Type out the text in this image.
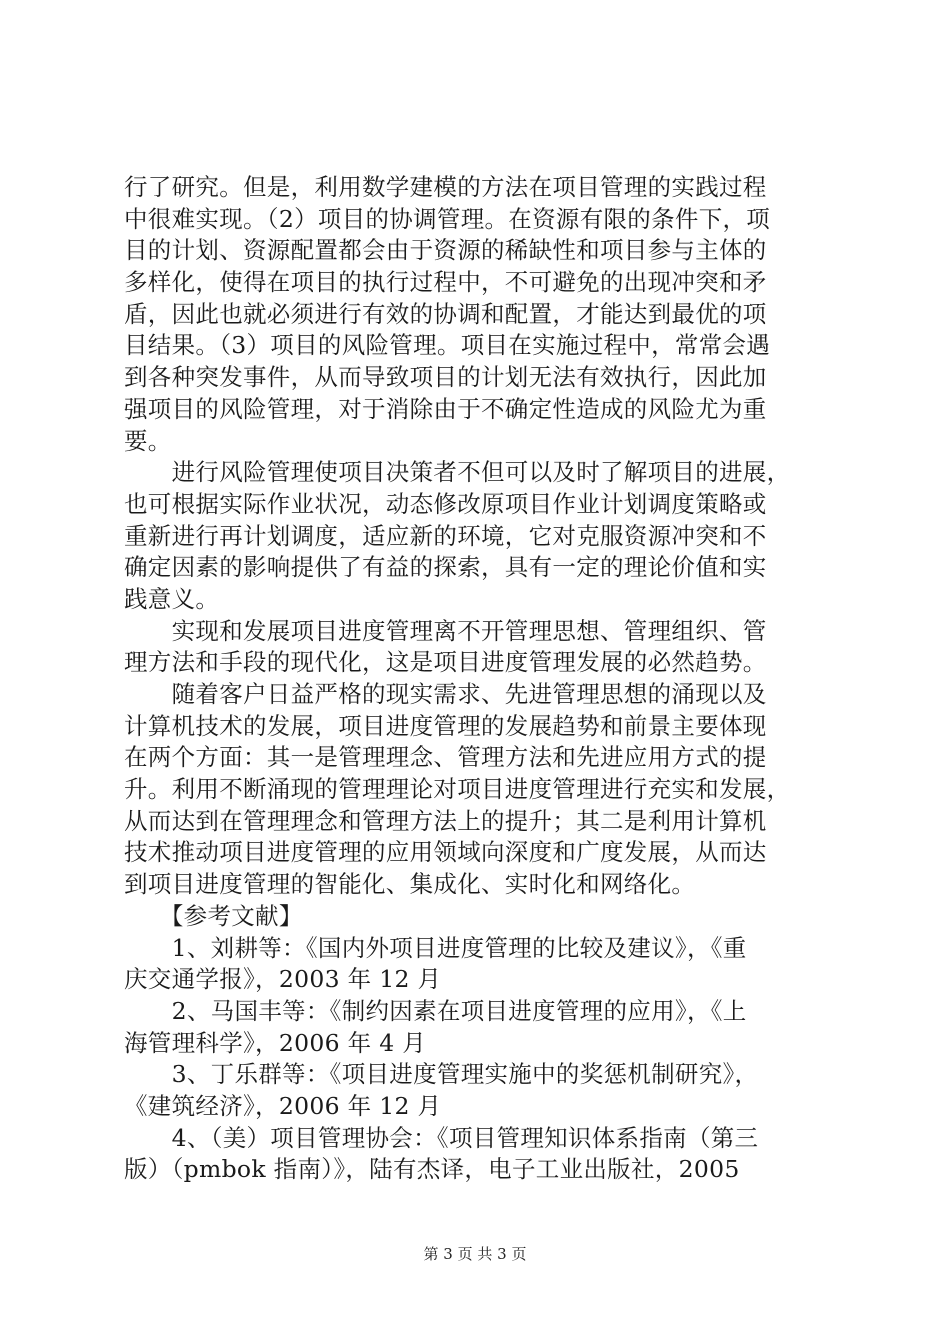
行了研究。但是，利用数学建模的方法在项目管理的实践过程
中很难实现。（2）项目的协调管理。在资源有限的条件下，项
目的计划、资源配置都会由于资源的稀缺性和项目参与主体的
多样化，使得在项目的执行过程中，不可避免的出现冲突和矛
盾，因此也就必须进行有效的协调和配置，才能达到最优的项
目结果。（3）项目的风险管理。项目在实施过程中，常常会遇
到各种突发事件，从而导致项目的计划无法有效执行，因此加
强项目的风险管理，对于消除由于不确定性造成的风险尤为重
要。
　　进行风险管理使项目决策者不但可以及时了解项目的进展，
也可根据实际作业状况，动态修改原项目作业计划调度策略或
重新进行再计划调度，适应新的环境，它对克服资源冲突和不
确定因素的影响提供了有益的探索，具有一定的理论价值和实
践意义。
　　实现和发展项目进度管理离不开管理思想、管理组织、管
理方法和手段的现代化，这是项目进度管理发展的必然趋势。
　　随着客户日益严格的现实需求、先进管理思想的涌现以及
计算机技术的发展，项目进度管理的发展趋势和前景主要体现
在两个方面：其一是管理理念、管理方法和先进应用方式的提
升。利用不断涌现的管理理论对项目进度管理进行充实和发展，
从而达到在管理理念和管理方法上的提升；其二是利用计算机
技术推动项目进度管理的应用领域向深度和广度发展，从而达
到项目进度管理的智能化、集成化、实时化和网络化。
　　【参考文献】
　　1、刘耕等：《国内外项目进度管理的比较及建议》，《重
庆交通学报》，2003 年 12 月
　　2、马国丰等：《制约因素在项目进度管理的应用》，《上
海管理科学》，2006 年 4 月
　　3、丁乐群等：《项目进度管理实施中的奖惩机制研究》，
《建筑经济》，2006 年 12 月
　　4、（美）项目管理协会：《项目管理知识体系指南（第三
版）（pmbok 指南）》，陆有杰译，电子工业出版社，2005
第 3 页 共 3 页
